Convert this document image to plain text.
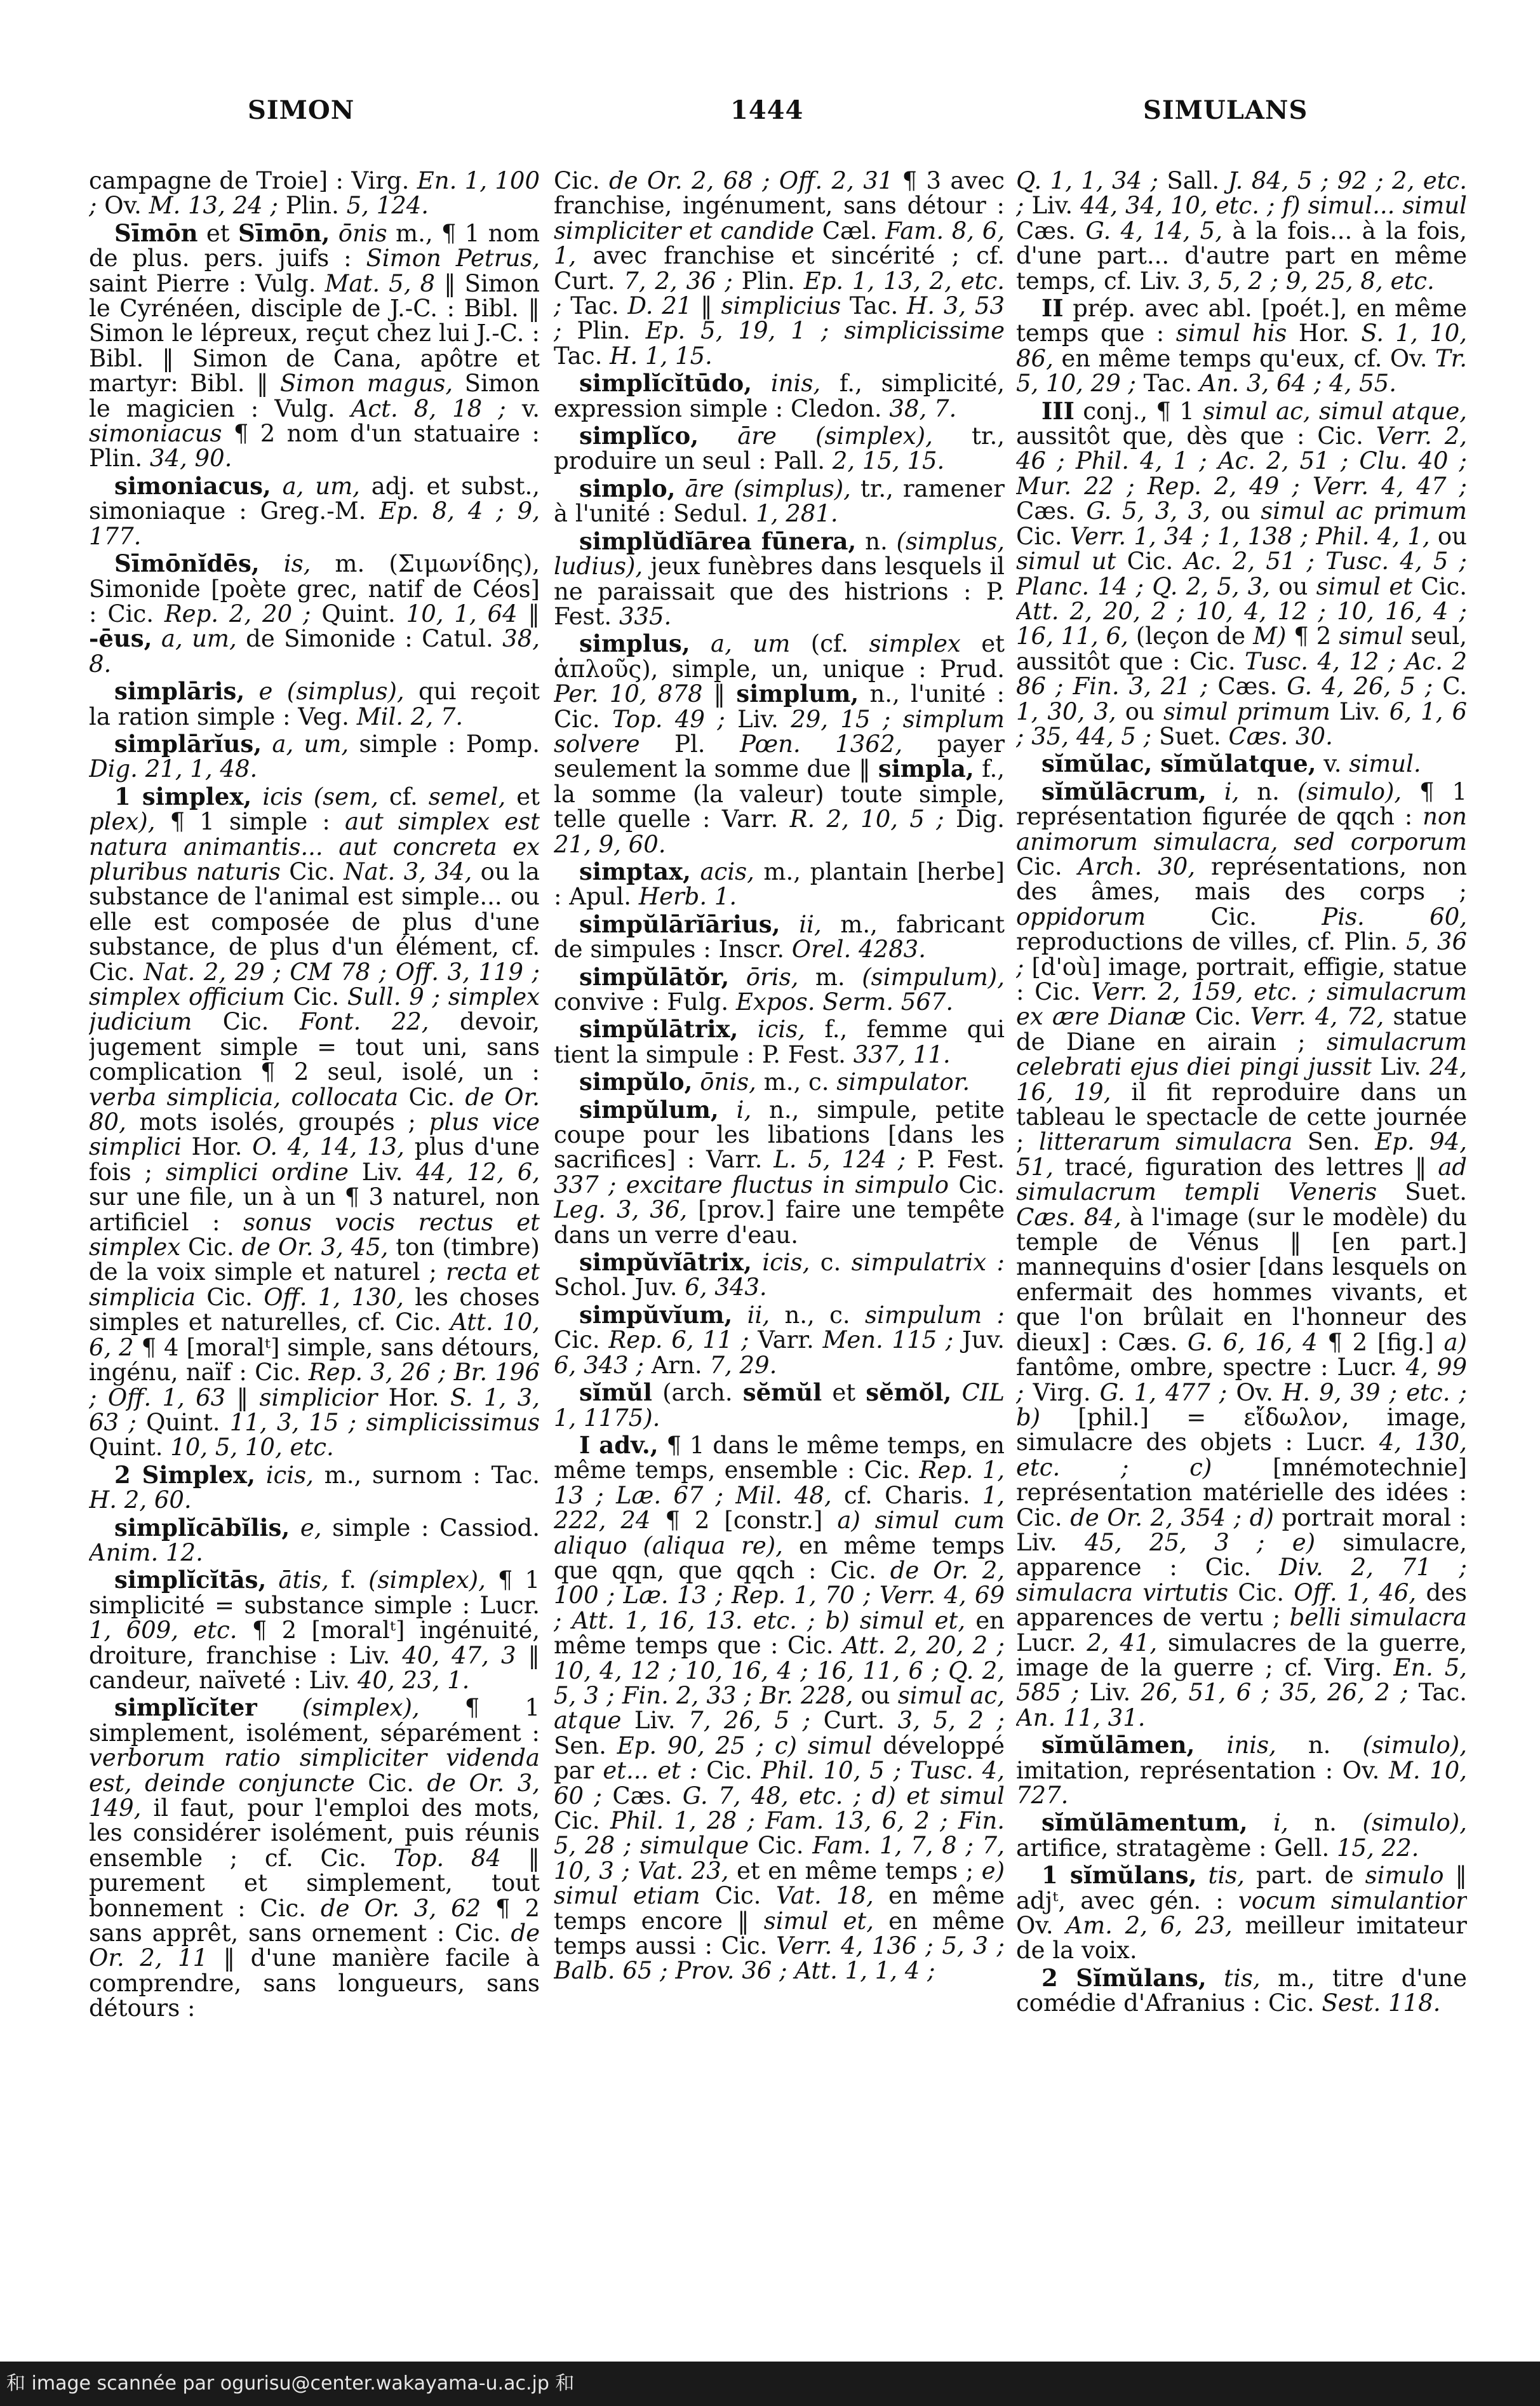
SIMON	1444	SIMULANS

campagne de Troie] : Virg. En. 1, 100 ; Ov. M. 13, 24 ; Plin. 5, 124.

Sīmōn et Sīmōn, ōnis m., ¶ 1 nom de plus. pers. juifs : Simon Petrus, saint Pierre : Vulg. Mat. 5, 8 ‖ Simon le Cyrénéen, disciple de J.-C. : Bibl. ‖ Simon le lépreux, reçut chez lui J.-C. : Bibl. ‖ Simon de Cana, apôtre et martyr: Bibl. ‖ Simon magus, Simon le magicien : Vulg. Act. 8, 18 ; v. simoniacus ¶ 2 nom d'un statuaire : Plin. 34, 90.

simoniacus, a, um, adj. et subst., simoniaque : Greg.-M. Ep. 8, 4 ; 9, 177.

Sīmōnĭdēs, is, m. (Σιμωνίδης), Simonide [poète grec, natif de Céos] : Cic. Rep. 2, 20 ; Quint. 10, 1, 64 ‖ -ēus, a, um, de Simonide : Catul. 38, 8.

simplāris, e (simplus), qui reçoit la ration simple : Veg. Mil. 2, 7.

simplārĭus, a, um, simple : Pomp. Dig. 21, 1, 48.

1 simplex, icis (sem, cf. semel, et plex), ¶ 1 simple : aut simplex est natura animantis... aut concreta ex pluribus naturis Cic. Nat. 3, 34, ou la substance de l'animal est simple... ou elle est composée de plus d'une substance, de plus d'un élément, cf. Cic. Nat. 2, 29 ; CM 78 ; Off. 3, 119 ; simplex officium Cic. Sull. 9 ; simplex judicium Cic. Font. 22, devoir, jugement simple = tout uni, sans complication ¶ 2 seul, isolé, un : verba simplicia, collocata Cic. de Or. 80, mots isolés, groupés ; plus vice simplici Hor. O. 4, 14, 13, plus d'une fois ; simplici ordine Liv. 44, 12, 6, sur une file, un à un ¶ 3 naturel, non artificiel : sonus vocis rectus et simplex Cic. de Or. 3, 45, ton (timbre) de la voix simple et naturel ; recta et simplicia Cic. Off. 1, 130, les choses simples et naturelles, cf. Cic. Att. 10, 6, 2 ¶ 4 [moralᵗ] simple, sans détours, ingénu, naïf : Cic. Rep. 3, 26 ; Br. 196 ; Off. 1, 63 ‖ simplicior Hor. S. 1, 3, 63 ; Quint. 11, 3, 15 ; simplicissimus Quint. 10, 5, 10, etc.

2 Simplex, icis, m., surnom : Tac. H. 2, 60.

simplĭcābĭlis, e, simple : Cassiod. Anim. 12.

simplĭcĭtās, ātis, f. (simplex), ¶ 1 simplicité = substance simple : Lucr. 1, 609, etc. ¶ 2 [moralᵗ] ingénuité, droiture, franchise : Liv. 40, 47, 3 ‖ candeur, naïveté : Liv. 40, 23, 1.

simplĭcĭter (simplex), ¶ 1 simplement, isolément, séparément : verborum ratio simpliciter videnda est, deinde conjuncte Cic. de Or. 3, 149, il faut, pour l'emploi des mots, les considérer isolément, puis réunis ensemble ; cf. Cic. Top. 84 ‖ purement et simplement, tout bonnement : Cic. de Or. 3, 62 ¶ 2 sans apprêt, sans ornement : Cic. de Or. 2, 11 ‖ d'une manière facile à comprendre, sans longueurs, sans détours :

Cic. de Or. 2, 68 ; Off. 2, 31 ¶ 3 avec franchise, ingénument, sans détour : simpliciter et candide Cæl. Fam. 8, 6, 1, avec franchise et sincérité ; cf. Curt. 7, 2, 36 ; Plin. Ep. 1, 13, 2, etc. ; Tac. D. 21 ‖ simplicius Tac. H. 3, 53 ; Plin. Ep. 5, 19, 1 ; simplicissime Tac. H. 1, 15.

simplĭcĭtūdo, inis, f., simplicité, expression simple : Cledon. 38, 7.

simplĭco, āre (simplex), tr., produire un seul : Pall. 2, 15, 15.

simplo, āre (simplus), tr., ramener à l'unité : Sedul. 1, 281.

simplŭdĭārea fūnera, n. (simplus, ludius), jeux funèbres dans lesquels il ne paraissait que des histrions : P. Fest. 335.

simplus, a, um (cf. simplex et ἁπλοῦς), simple, un, unique : Prud. Per. 10, 878 ‖ simplum, n., l'unité : Cic. Top. 49 ; Liv. 29, 15 ; simplum solvere Pl. Pœn. 1362, payer seulement la somme due ‖ simpla, f., la somme (la valeur) toute simple, telle quelle : Varr. R. 2, 10, 5 ; Dig. 21, 9, 60.

simptax, acis, m., plantain [herbe] : Apul. Herb. 1.

simpŭlārĭārius, ii, m., fabricant de simpules : Inscr. Orel. 4283.

simpŭlātŏr, ōris, m. (simpulum), convive : Fulg. Expos. Serm. 567.

simpŭlātrix, icis, f., femme qui tient la simpule : P. Fest. 337, 11.

simpŭlo, ōnis, m., c. simpulator.

simpŭlum, i, n., simpule, petite coupe pour les libations [dans les sacrifices] : Varr. L. 5, 124 ; P. Fest. 337 ; excitare fluctus in simpulo Cic. Leg. 3, 36, [prov.] faire une tempête dans un verre d'eau.

simpŭvĭātrix, icis, c. simpulatrix : Schol. Juv. 6, 343.

simpŭvĭum, ii, n., c. simpulum : Cic. Rep. 6, 11 ; Varr. Men. 115 ; Juv. 6, 343 ; Arn. 7, 29.

sĭmŭl (arch. sĕmŭl et sĕmŏl, CIL 1, 1175).

I adv., ¶ 1 dans le même temps, en même temps, ensemble : Cic. Rep. 1, 13 ; Læ. 67 ; Mil. 48, cf. Charis. 1, 222, 24 ¶ 2 [constr.] a) simul cum aliquo (aliqua re), en même temps que qqn, que qqch : Cic. de Or. 2, 100 ; Læ. 13 ; Rep. 1, 70 ; Verr. 4, 69 ; Att. 1, 16, 13. etc. ; b) simul et, en même temps que : Cic. Att. 2, 20, 2 ; 10, 4, 12 ; 10, 16, 4 ; 16, 11, 6 ; Q. 2, 5, 3 ; Fin. 2, 33 ; Br. 228, ou simul ac, atque Liv. 7, 26, 5 ; Curt. 3, 5, 2 ; Sen. Ep. 90, 25 ; c) simul développé par et... et : Cic. Phil. 10, 5 ; Tusc. 4, 60 ; Cæs. G. 7, 48, etc. ; d) et simul Cic. Phil. 1, 28 ; Fam. 13, 6, 2 ; Fin. 5, 28 ; simulque Cic. Fam. 1, 7, 8 ; 7, 10, 3 ; Vat. 23, et en même temps ; e) simul etiam Cic. Vat. 18, en même temps encore ‖ simul et, en même temps aussi : Cic. Verr. 4, 136 ; 5, 3 ; Balb. 65 ; Prov. 36 ; Att. 1, 1, 4 ;

Q. 1, 1, 34 ; Sall. J. 84, 5 ; 92 ; 2, etc. ; Liv. 44, 34, 10, etc. ; f) simul... simul Cæs. G. 4, 14, 5, à la fois... à la fois, d'une part... d'autre part en même temps, cf. Liv. 3, 5, 2 ; 9, 25, 8, etc.

II prép. avec abl. [poét.], en même temps que : simul his Hor. S. 1, 10, 86, en même temps qu'eux, cf. Ov. Tr. 5, 10, 29 ; Tac. An. 3, 64 ; 4, 55.

III conj., ¶ 1 simul ac, simul atque, aussitôt que, dès que : Cic. Verr. 2, 46 ; Phil. 4, 1 ; Ac. 2, 51 ; Clu. 40 ; Mur. 22 ; Rep. 2, 49 ; Verr. 4, 47 ; Cæs. G. 5, 3, 3, ou simul ac primum Cic. Verr. 1, 34 ; 1, 138 ; Phil. 4, 1, ou simul ut Cic. Ac. 2, 51 ; Tusc. 4, 5 ; Planc. 14 ; Q. 2, 5, 3, ou simul et Cic. Att. 2, 20, 2 ; 10, 4, 12 ; 10, 16, 4 ; 16, 11, 6, (leçon de M) ¶ 2 simul seul, aussitôt que : Cic. Tusc. 4, 12 ; Ac. 2 86 ; Fin. 3, 21 ; Cæs. G. 4, 26, 5 ; C. 1, 30, 3, ou simul primum Liv. 6, 1, 6 ; 35, 44, 5 ; Suet. Cæs. 30.

sĭmŭlac, sĭmŭlatque, v. simul.

sĭmŭlācrum, i, n. (simulo), ¶ 1 représentation figurée de qqch : non animorum simulacra, sed corporum Cic. Arch. 30, représentations, non des âmes, mais des corps ; oppidorum Cic. Pis. 60, reproductions de villes, cf. Plin. 5, 36 ; [d'où] image, portrait, effigie, statue : Cic. Verr. 2, 159, etc. ; simulacrum ex ære Dianæ Cic. Verr. 4, 72, statue de Diane en airain ; simulacrum celebrati ejus diei pingi jussit Liv. 24, 16, 19, il fit reproduire dans un tableau le spectacle de cette journée ; litterarum simulacra Sen. Ep. 94, 51, tracé, figuration des lettres ‖ ad simulacrum templi Veneris Suet. Cæs. 84, à l'image (sur le modèle) du temple de Vénus ‖ [en part.] mannequins d'osier [dans lesquels on enfermait des hommes vivants, et que l'on brûlait en l'honneur des dieux] : Cæs. G. 6, 16, 4 ¶ 2 [fig.] a) fantôme, ombre, spectre : Lucr. 4, 99 ; Virg. G. 1, 477 ; Ov. H. 9, 39 ; etc. ; b) [phil.] = εἴδωλον, image, simulacre des objets : Lucr. 4, 130, etc. ; c) [mnémotechnie] représentation matérielle des idées : Cic. de Or. 2, 354 ; d) portrait moral : Liv. 45, 25, 3 ; e) simulacre, apparence : Cic. Div. 2, 71 ; simulacra virtutis Cic. Off. 1, 46, des apparences de vertu ; belli simulacra Lucr. 2, 41, simulacres de la guerre, image de la guerre ; cf. Virg. En. 5, 585 ; Liv. 26, 51, 6 ; 35, 26, 2 ; Tac. An. 11, 31.

sĭmŭlāmen, inis, n. (simulo), imitation, représentation : Ov. M. 10, 727.

sĭmŭlāmentum, i, n. (simulo), artifice, stratagème : Gell. 15, 22.

1 sĭmŭlans, tis, part. de simulo ‖ adjᵗ, avec gén. : vocum simulantior Ov. Am. 2, 6, 23, meilleur imitateur de la voix.

2 Sĭmŭlans, tis, m., titre d'une comédie d'Afranius : Cic. Sest. 118.

和 image scannée par ogurisu@center.wakayama-u.ac.jp 和
